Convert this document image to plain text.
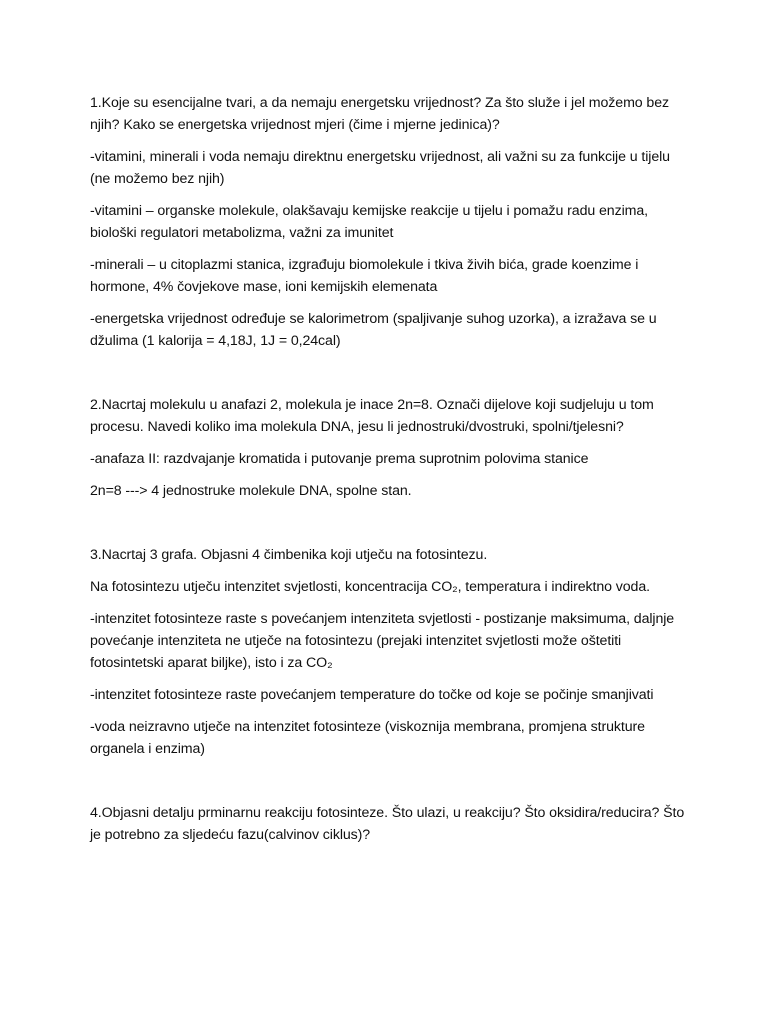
1.Koje su esencijalne tvari, a da nemaju energetsku vrijednost? Za što služe i jel možemo bez njih? Kako se energetska vrijednost mjeri (čime i mjerne jedinica)?

-vitamini, minerali i voda nemaju direktnu energetsku vrijednost, ali važni su za funkcije u tijelu (ne možemo bez njih)

-vitamini – organske molekule, olakšavaju kemijske reakcije u tijelu i pomažu radu enzima, biološki regulatori metabolizma, važni za imunitet

-minerali – u citoplazmi stanica, izgrađuju biomolekule i tkiva živih bića, grade koenzime i hormone, 4% čovjekove mase, ioni kemijskih elemenata

-energetska vrijednost određuje se kalorimetrom (spaljivanje suhog uzorka), a izražava se u džulima (1 kalorija = 4,18J, 1J = 0,24cal)

2.Nacrtaj molekulu u anafazi 2, molekula je inace 2n=8. Označi dijelove koji sudjeluju u tom procesu. Navedi koliko ima molekula DNA, jesu li jednostruki/dvostruki, spolni/tjelesni?

-anafaza II: razdvajanje kromatida i putovanje prema suprotnim polovima stanice

2n=8 ---> 4 jednostruke molekule DNA, spolne stan.

3.Nacrtaj 3 grafa. Objasni 4 čimbenika koji utječu na fotosintezu.

Na fotosintezu utječu intenzitet svjetlosti, koncentracija CO₂, temperatura i indirektno voda.

-intenzitet fotosinteze raste s povećanjem intenziteta svjetlosti - postizanje maksimuma, daljnje povećanje intenziteta ne utječe na fotosintezu (prejaki intenzitet svjetlosti može oštetiti fotosintetski aparat biljke), isto i za CO₂

-intenzitet fotosinteze raste povećanjem temperature do točke od koje se počinje smanjivati

-voda neizravno utječe na intenzitet fotosinteze (viskoznija membrana, promjena strukture organela i enzima)

4.Objasni detalju prminarnu reakciju fotosinteze. Što ulazi, u reakciju? Što oksidira/reducira? Što je potrebno za sljedeću fazu(calvinov ciklus)?
